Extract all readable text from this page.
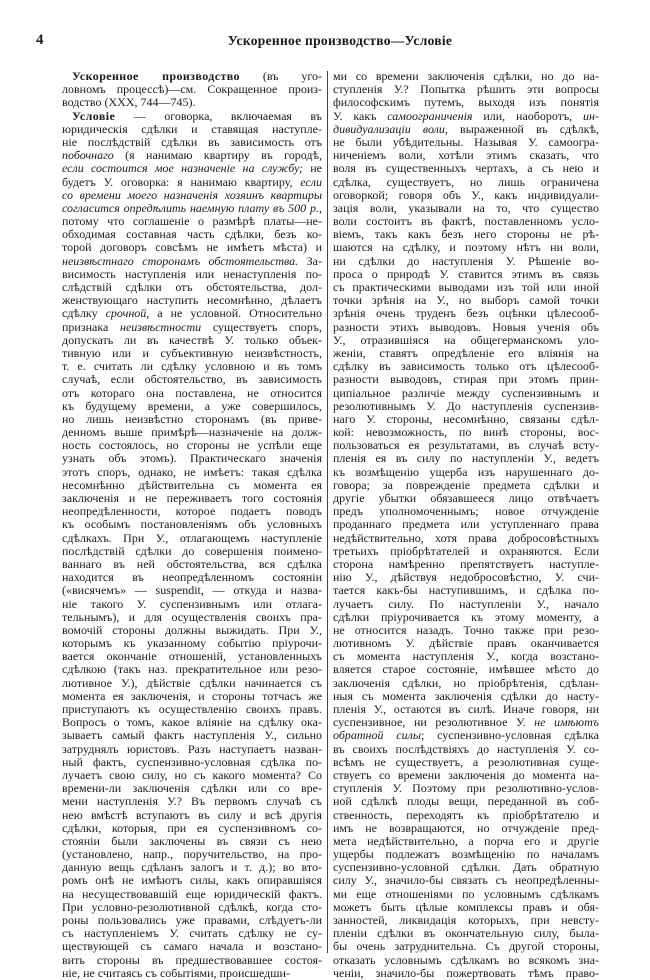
4	Ускоренное производство—Условіе
Ускоренное производство (въ уго-
ловномъ процессѣ)—см. Сокращенное произ-
водство (XXX, 744—745).
Условіе — оговорка, включаемая въ
юридическія сдѣлки и ставящая наступле-
ніе послѣдствій сдѣлки въ зависимость отъ
побочнаго (я нанимаю квартиру въ городѣ,
если состоится мое назначеніе на службу; не
будетъ У. оговорка: я нанимаю квартиру, если
со времени моего назначенія хозяинъ квартиры
согласится опредѣлить наемную плату въ 500 р.,
потому что соглашеніе о размѣрѣ платы—не-
обходимая составная часть сдѣлки, безъ ко-
торой договоръ совсѣмъ не имѣетъ мѣста) и
неизвѣстнаго сторонамъ обстоятельства. За-
висимость наступленія или ненаступленія по-
слѣдствій сдѣлки отъ обстоятельства, дол-
женствующаго наступить несомнѣнно, дѣлаетъ
сдѣлку срочной, а не условной. Относительно
признака неизвѣстности существуетъ споръ,
допускать ли въ качествѣ У. только объек-
тивную или и субъективную неизвѣстность,
т. е. считать ли сдѣлку условною и въ томъ
случаѣ, если обстоятельство, въ зависимость
отъ котораго она поставлена, не относится
къ будущему времени, а уже совершилось,
но лишь неизвѣстно сторонамъ (въ приве-
денномъ выше примѣрѣ—назначеніе на долж-
ность состоялось, но стороны не успѣли еще
узнать объ этомъ). Практическаго значенія
этотъ споръ, однако, не имѣетъ: такая сдѣлка
несомнѣнно дѣйствительна съ момента ея
заключенія и не переживаетъ того состоянія
неопредѣленности, которое подаетъ поводъ
къ особымъ постановленіямъ объ условныхъ
сдѣлкахъ. При У., отлагающемъ наступленіе
послѣдствій сдѣлки до совершенія поимено-
ваннаго въ ней обстоятельства, вся сдѣлка
находится въ неопредѣленномъ состояніи
(«висячемъ» — suspendit, — откуда и назва-
ніе такого У. суспензивнымъ или отлага-
тельнымъ), и для осуществленія своихъ пра-
вомочій стороны должны выжидать. При У.,
которымъ къ указанному событію пріурочи-
вается окончаніе отношеній, установленныхъ
сдѣлкою (такъ наз. прекратительное или резо-
лютивное У.), дѣйствіе сдѣлки начинается съ
момента ея заключенія, и стороны тотчасъ же
приступаютъ къ осуществленію своихъ правъ.
Вопросъ о томъ, какое вліяніе на сдѣлку ока-
зываетъ самый фактъ наступленія У., сильно
затруднялъ юристовъ. Разъ наступаетъ назван-
ный фактъ, суспензивно-условная сдѣлка по-
лучаетъ свою силу, но съ какого момента? Со
времени-ли заключенія сдѣлки или со вре-
мени наступленія У.? Въ первомъ случаѣ съ
нею вмѣстѣ вступаютъ въ силу и всѣ другія
сдѣлки, которыя, при ея суспензивномъ со-
стояніи были заключены въ связи съ нею
(установлено, напр., поручительство, на про-
данную вещь сдѣланъ залогъ и т. д.); во вто-
ромъ онѣ не имѣютъ силы, какъ опиравшіяся
на несуществовавшій еще юридическій фактъ.
При условно-резолютивной сдѣлкѣ, когда сто-
роны пользовались уже правами, слѣдуетъ-ли
съ наступленіемъ У. считать сдѣлку не су-
ществующей съ самаго начала и возстано-
вить стороны въ предшествовавшее состоя-
ніе, не считаясь съ событіями, происшедши-
ми со времени заключенія сдѣлки, но до на-
ступленія У.? Попытка рѣшить эти вопросы
философскимъ путемъ, выходя изъ понятія
У. какъ самоограниченія или, наоборотъ, ин-
дивидуализаціи воли, выраженной въ сдѣлкѣ,
не были убѣдительны. Называя У. самоогра-
ниченіемъ воли, хотѣли этимъ сказать, что
воля въ существенныхъ чертахъ, а съ нею и
сдѣлка, существуетъ, но лишь ограничена
оговоркой; говоря объ У., какъ индивидуали-
зація воли, указывали на то, что существо
воли состоитъ въ фактѣ, поставленномъ усло-
віемъ, такъ какъ безъ него стороны не рѣ-
шаются на сдѣлку, и поэтому нѣтъ ни воли,
ни сдѣлки до наступленія У. Рѣшеніе во-
проса о природѣ У. ставится этимъ въ связь
съ практическими выводами изъ той или иной
точки зрѣнія на У., но выборъ самой точки
зрѣнія очень труденъ безъ оцѣнки цѣлесооб-
разности этихъ выводовъ. Новыя ученія объ
У., отразившіяся на общегерманскомъ уло-
женіи, ставятъ опредѣленіе его вліянія на
сдѣлку въ зависимость только отъ цѣлесооб-
разности выводовъ, стирая при этомъ прин-
ципіальное различіе между суспензивнымъ и
резолютивнымъ У. До наступленія суспензив-
наго У. стороны, несомнѣнно, связаны сдѣл-
кой: невозможность, по винѣ стороны, вос-
пользоваться ея результатами, въ случаѣ всту-
пленія ея въ силу по наступленіи У., ведетъ
къ возмѣщенію ущерба изъ нарушеннаго до-
говора; за поврежденіе предмета сдѣлки и
другіе убытки обязавшееся лицо отвѣчаетъ
предъ уполномоченнымъ; новое отчужденіе
проданнаго предмета или уступленнаго права
недѣйствительно, хотя права добросовѣстныхъ
третьихъ пріобрѣтателей и охраняются. Если
сторона намѣренно препятствуетъ наступле-
нію У., дѣйствуя недобросовѣстно, У. счи-
тается какъ-бы наступившимъ, и сдѣлка по-
лучаетъ силу. По наступленіи У., начало
сдѣлки пріурочивается къ этому моменту, а
не относится назадъ. Точно также при резо-
лютивномъ У. дѣйствіе правъ оканчивается
съ момента наступленія У., когда возстано-
вляется старое состояніе, имѣвшее мѣсто до
заключенія сдѣлки, но пріобрѣтенія, сдѣлан-
ныя съ момента заключенія сдѣлки до насту-
пленія У., остаются въ силѣ. Иначе говоря, ни
суспензивное, ни резолютивное У. не имѣютъ
обратной силы; суспензивно-условная сдѣлка
въ своихъ послѣдствіяхъ до наступленія У. со-
всѣмъ не существуетъ, а резолютивная суще-
ствуетъ со времени заключенія до момента на-
ступленія У. Поэтому при резолютивно-услов-
ной сдѣлкѣ плоды вещи, переданной въ соб-
ственность, переходятъ къ пріобрѣтателю и
имъ не возвращаются, но отчужденіе пред-
мета недѣйствительно, а порча его и другіе
ущербы подлежатъ возмѣщенію по началамъ
суспензивно-условной сдѣлки. Дать обратную
силу У., значило-бы связать съ неопредѣленны-
ми еще отношеніями по условнымъ сдѣлкамъ
можетъ быть цѣлые комплексы правъ и обя-
занностей, ликвидація которыхъ, при невсту-
пленіи сдѣлки въ окончательную силу, была-
бы очень затруднительна. Съ другой стороны,
отказать условнымъ сдѣлкамъ во всякомъ зна-
ченіи, значило-бы пожертвовать тѣмъ право-
